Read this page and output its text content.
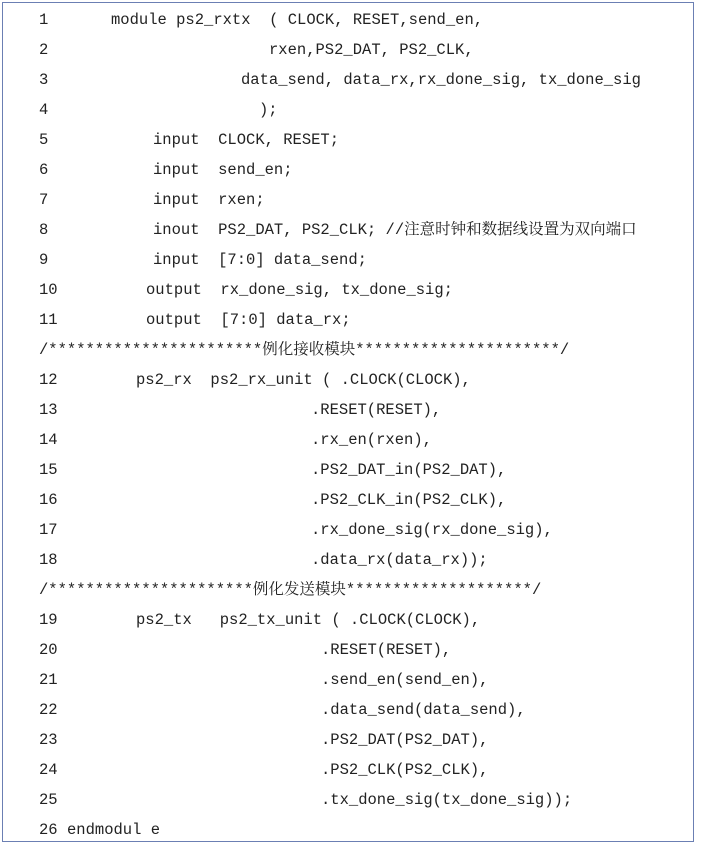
1	module ps2_rxtx  ( CLOCK, RESET,send_en,
2	rxen,PS2_DAT, PS2_CLK,
3	data_send, data_rx,rx_done_sig, tx_done_sig
4	);
5	input  CLOCK, RESET;
6	input  send_en;
7	input  rxen;
8	inout  PS2_DAT, PS2_CLK; //注意时钟和数据线设置为双向端口
9	input  [7:0] data_send;
10	output  rx_done_sig, tx_done_sig;
11	output  [7:0] data_rx;
/***********************例化接收模块**********************/
12	ps2_rx  ps2_rx_unit ( .CLOCK(CLOCK),
13	.RESET(RESET),
14	.rx_en(rxen),
15	.PS2_DAT_in(PS2_DAT),
16	.PS2_CLK_in(PS2_CLK),
17	.rx_done_sig(rx_done_sig),
18	.data_rx(data_rx));
/**********************例化发送模块********************/
19	ps2_tx   ps2_tx_unit ( .CLOCK(CLOCK),
20	.RESET(RESET),
21	.send_en(send_en),
22	.data_send(data_send),
23	.PS2_DAT(PS2_DAT),
24	.PS2_CLK(PS2_CLK),
25	.tx_done_sig(tx_done_sig));
26 endmodul e
